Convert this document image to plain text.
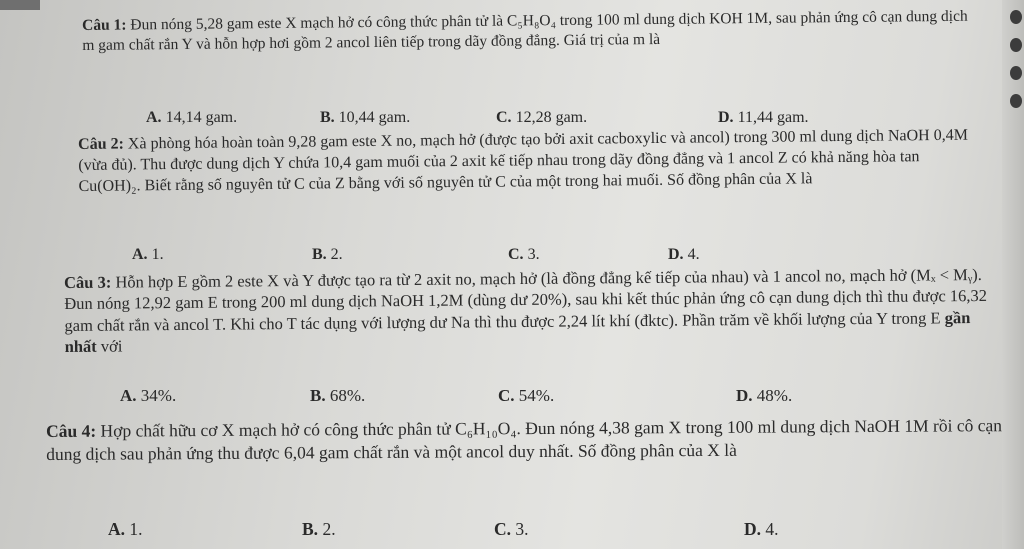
Câu 1: Đun nóng 5,28 gam este X mạch hở có công thức phân tử là C₅H₈O₄ trong 100 ml dung dịch KOH 1M, sau phản ứng cô cạn dung dịch m gam chất rắn Y và hỗn hợp hơi gồm 2 ancol liên tiếp trong dãy đồng đẳng. Giá trị của m là
A. 14,14 gam.	B. 10,44 gam.	C. 12,28 gam.	D. 11,44 gam.
Câu 2: Xà phòng hóa hoàn toàn 9,28 gam este X no, mạch hở (được tạo bởi axit cacboxylic và ancol) trong 300 ml dung dịch NaOH 0,4M (vừa đủ). Thu được dung dịch Y chứa 10,4 gam muối của 2 axit kế tiếp nhau trong dãy đồng đẳng và 1 ancol Z có khả năng hòa tan Cu(OH)₂. Biết rằng số nguyên tử C của Z bằng với số nguyên tử C của một trong hai muối. Số đồng phân của X là
A. 1.	B. 2.	C. 3.	D. 4.
Câu 3: Hỗn hợp E gồm 2 este X và Y được tạo ra từ 2 axit no, mạch hở (là đồng đẳng kế tiếp của nhau) và 1 ancol no, mạch hở (Mₓ < Mᵧ). Đun nóng 12,92 gam E trong 200 ml dung dịch NaOH 1,2M (dùng dư 20%), sau khi kết thúc phản ứng cô cạn dung dịch thì thu được 16,32 gam chất rắn và ancol T. Khi cho T tác dụng với lượng dư Na thì thu được 2,24 lít khí (đktc). Phần trăm về khối lượng của Y trong E gần nhất với
A. 34%.	B. 68%.	C. 54%.	D. 48%.
Câu 4: Hợp chất hữu cơ X mạch hở có công thức phân tử C₆H₁₀O₄. Đun nóng 4,38 gam X trong 100 ml dung dịch NaOH 1M rồi cô cạn dung dịch sau phản ứng thu được 6,04 gam chất rắn và một ancol duy nhất. Số đồng phân của X là
A. 1.	B. 2.	C. 3.	D. 4.
